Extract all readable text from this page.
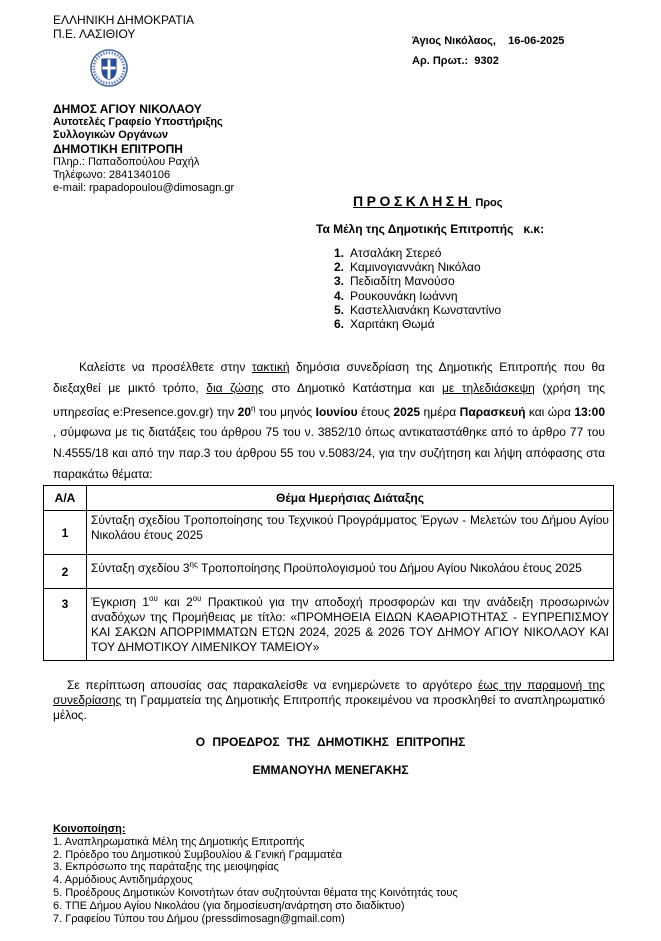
ΕΛΛΗΝΙΚΗ ΔΗΜΟΚΡΑΤΙΑ
Π.Ε. ΛΑΣΙΘΙΟΥ
ΔΗΜΟΣ ΑΓΙΟΥ ΝΙΚΟΛΑΟΥ
Αυτοτελές Γραφείο Υποστήριξης
Συλλογικών Οργάνων
ΔΗΜΟΤΙΚΗ ΕΠΙΤΡΟΠΗ
Πληρ.: Παπαδοπούλου Ραχήλ
Τηλέφωνο: 2841340106
e-mail: rpapadopoulou@dimosagn.gr
Άγιος Νικόλαος,    16-06-2025
Αρ. Πρωτ.:  9302
ΠΡΟΣΚΛΗΣΗ Προς
Τα Μέλη της Δημοτικής Επιτροπής   κ.κ:
1. Ατσαλάκη Στερεό
2. Καμινογιαννάκη Νικόλαο
3. Πεδιαδίτη Μανούσο
4. Ρουκουνάκη Ιωάννη
5. Καστελλιανάκη Κωνσταντίνο
6. Χαριτάκη Θωμά

Καλείστε να προσέλθετε στην τακτική δημόσια συνεδρίαση της Δημοτικής Επιτροπής που θα διεξαχθεί με μικτό τρόπο, δια ζώσης στο Δημοτικό Κατάστημα και με τηλεδιάσκεψη (χρήση της υπηρεσίας e:Presence.gov.gr) την $20^\eta$ του μηνός Ιουνίου έτους 2025 ημέρα Παρασκευή και ώρα 13:00 , σύμφωνα με τις διατάξεις του άρθρου 75 του ν. 3852/10 όπως αντικαταστάθηκε από το άρθρο 77 του Ν.4555/18 και από την παρ.3 του άρθρου 55 του ν.5083/24, για την συζήτηση και λήψη απόφασης στα παρακάτω θέματα:

Α/Α	Θέμα Ημερήσιας Διάταξης
1	Σύνταξη σχεδίου Τροποποίησης του Τεχνικού Προγράμματος Έργων - Μελετών του Δήμου Αγίου Νικολάου έτους 2025
2	Σύνταξη σχεδίου $3^{\eta\varsigma}$ Τροποποίησης Προϋπολογισμού του Δήμου Αγίου Νικολάου έτους 2025
3	Έγκριση $1^{o\upsilon}$ και $2^{o\upsilon}$ Πρακτικού για την αποδοχή προσφορών και την ανάδειξη προσωρινών αναδόχων της Προμήθειας με τίτλο: «ΠΡΟΜΗΘΕΙΑ ΕΙΔΩΝ ΚΑΘΑΡΙΟΤΗΤΑΣ - ΕΥΠΡΕΠΙΣΜΟΥ ΚΑΙ ΣΑΚΩΝ ΑΠΟΡΡΙΜΜΑΤΩΝ ΕΤΩΝ 2024, 2025 & 2026 ΤΟΥ ΔΗΜΟΥ ΑΓΙΟΥ ΝΙΚΟΛΑΟΥ ΚΑΙ ΤΟΥ ΔΗΜΟΤΙΚΟΥ ΛΙΜΕΝΙΚΟΥ ΤΑΜΕΙΟΥ»

Σε περίπτωση απουσίας σας παρακαλείσθε να ενημερώνετε το αργότερο έως την παραμονή της συνεδρίασης τη Γραμματεία της Δημοτικής Επιτροπής προκειμένου να προσκληθεί το αναπληρωματικό μέλος.

Ο ΠΡΟΕΔΡΟΣ ΤΗΣ ΔΗΜΟΤΙΚΗΣ ΕΠΙΤΡΟΠΗΣ
ΕΜΜΑΝΟΥΗΛ ΜΕΝΕΓΑΚΗΣ
Κοινοποίηση:
1. Αναπληρωματικά Μέλη της Δημοτικής Επιτροπής
2. Πρόεδρο του Δημοτικού Συμβουλίου & Γενική Γραμματέα
3. Εκπρόσωπο της παράταξης της μειοψηφίας
4. Αρμόδιους Αντιδημάρχους
5. Προέδρους Δημοτικών Κοινοτήτων όταν συζητούνται θέματα της Κοινότητάς τους
6. ΤΠΕ Δήμου Αγίου Νικολάου (για δημοσίευση/ανάρτηση στο διαδίκτυο)
7. Γραφείου Τύπου του Δήμου (pressdimosagn@gmail.com)
